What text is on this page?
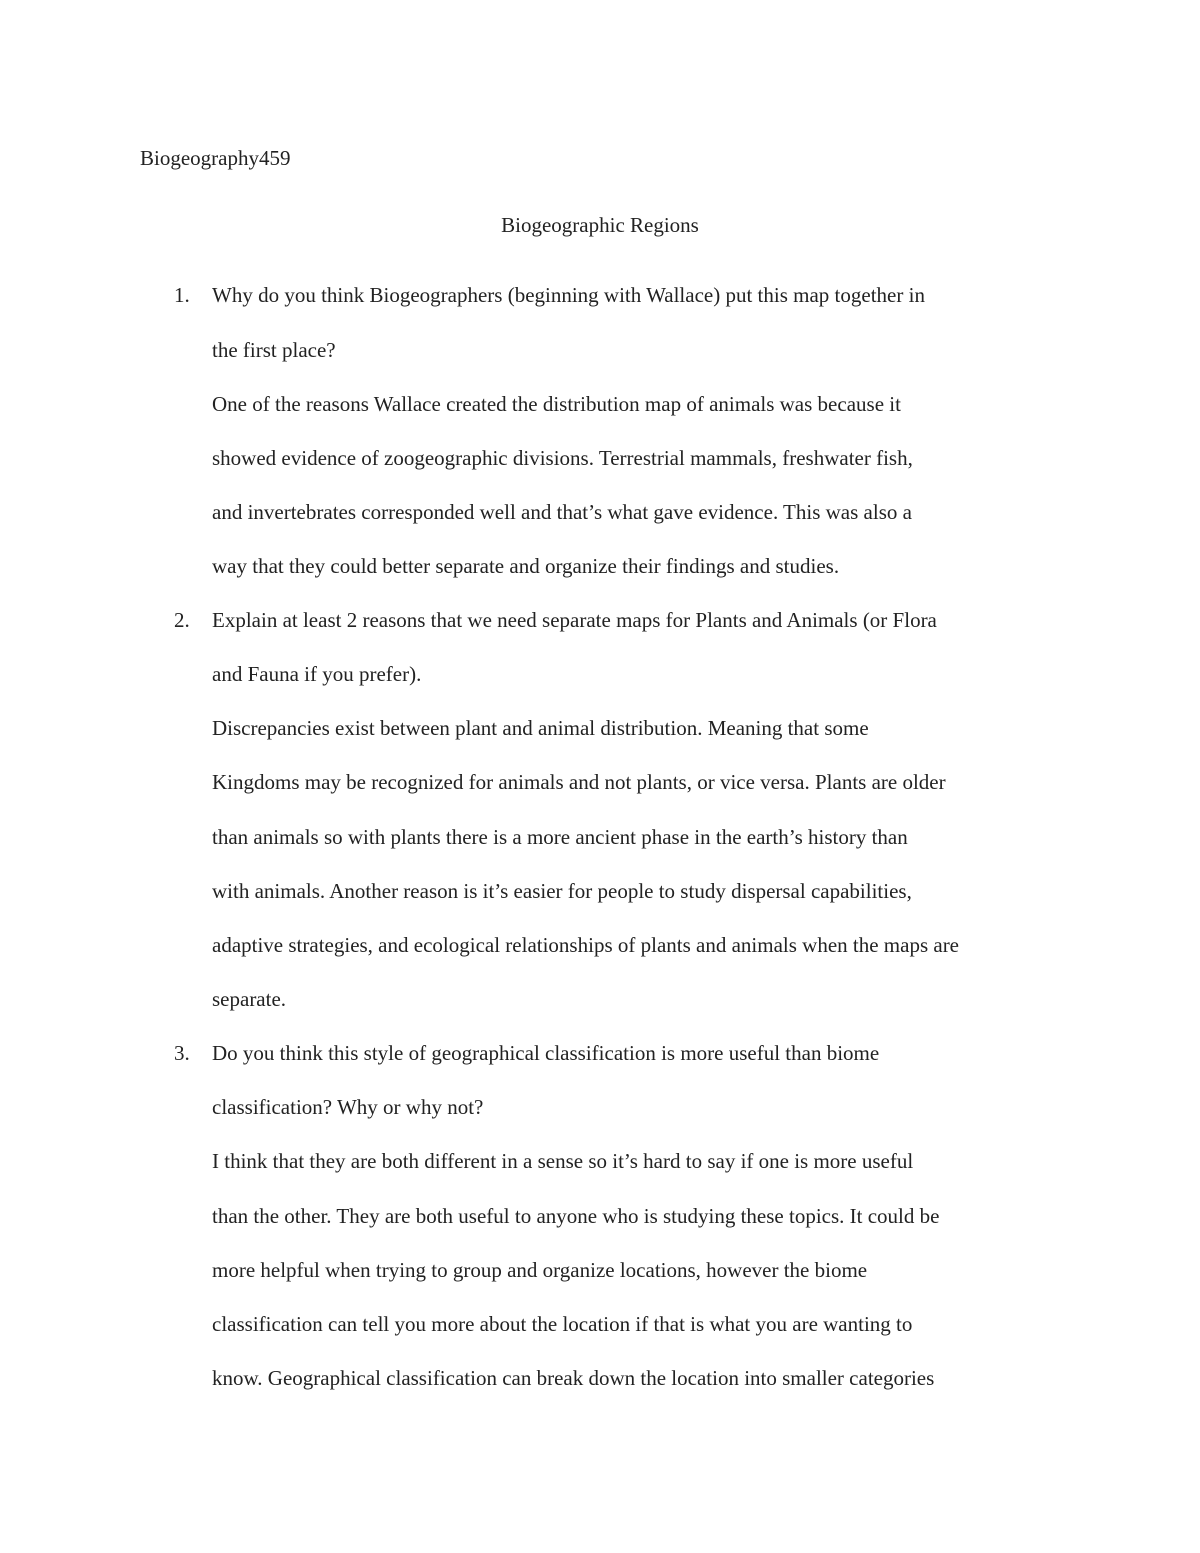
Biogeography459
Biogeographic Regions
1. Why do you think Biogeographers (beginning with Wallace) put this map together in
the first place?
One of the reasons Wallace created the distribution map of animals was because it
showed evidence of zoogeographic divisions. Terrestrial mammals, freshwater fish,
and invertebrates corresponded well and that’s what gave evidence. This was also a
way that they could better separate and organize their findings and studies.
2. Explain at least 2 reasons that we need separate maps for Plants and Animals (or Flora
and Fauna if you prefer).
Discrepancies exist between plant and animal distribution. Meaning that some
Kingdoms may be recognized for animals and not plants, or vice versa. Plants are older
than animals so with plants there is a more ancient phase in the earth’s history than
with animals. Another reason is it’s easier for people to study dispersal capabilities,
adaptive strategies, and ecological relationships of plants and animals when the maps are
separate.
3. Do you think this style of geographical classification is more useful than biome
classification? Why or why not?
I think that they are both different in a sense so it’s hard to say if one is more useful
than the other. They are both useful to anyone who is studying these topics. It could be
more helpful when trying to group and organize locations, however the biome
classification can tell you more about the location if that is what you are wanting to
know. Geographical classification can break down the location into smaller categories
